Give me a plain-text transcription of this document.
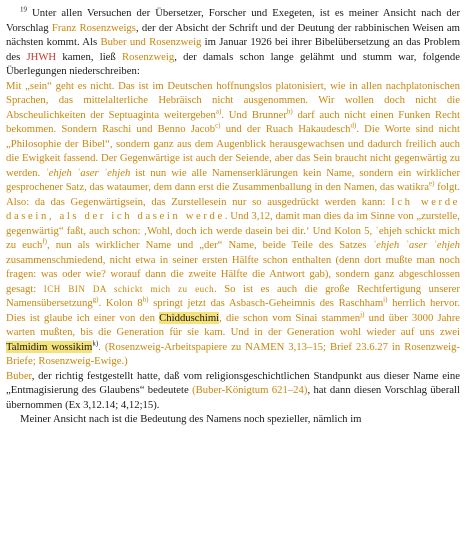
$^{19}$ Unter allen Versuchen der Übersetzer, Forscher und Exegeten, ist es meiner Ansicht nach der Vorschlag Franz Rosenzweigs, der der Absicht der Schrift und der Deutung der rabbinischen Weisen am nächsten kommt. Als Buber und Rosenzweig im Januar 1926 bei ihrer Bibelübersetzung an das Problem des JHWH kamen, ließ Rosenzweig, der damals schon lange gelähmt und stumm war, folgende Überlegungen niederschreiben:

Mit „sein“ geht es nicht. Das ist im Deutschen hoffnungslos platonisiert, wie in allen nachplatonischen Sprachen, das mittelalterliche Hebräisch nicht ausgenommen. Wir wollen doch nicht die Abscheulichkeiten der Septuaginta weitergeben$^{a)}$. Und Brunner$^{b)}$ darf auch nicht einen Funken Recht bekommen. Sondern Raschi und Benno Jacob$^{c)}$ und der Ruach Hakaudesch$^{d)}$. Die Worte sind nicht „Philosophie der Bibel“, sondern ganz aus dem Augenblick herausgewachsen und dadurch freilich auch die Ewigkeit fassend. Der Gegenwärtige ist auch der Seiende, aber das Sein braucht nicht gegenwärtig zu werden. ʾehjeh ʾaser ʾehjeh ist nun wie alle Namenserklärungen kein Name, sondern ein wirklicher gesprochener Satz, das wataumer, dem dann erst die Zusammenballung in den Namen, das watikra$^{e)}$ folgt. Also: da das Gegenwärtigsein, das Zurstellesein nur so ausgedrückt werden kann: Ich werde dasein, als der ich dasein werde. Und 3,12, damit man dies da im Sinne von „zurstelle, gegenwärtig“ faßt, auch schon: ‚Wohl, doch ich werde dasein bei dir.‘ Und Kolon 5, ʿehjeh schickt mich zu euch$^{f)}$, nun als wirklicher Name und „der“ Name, beide Teile des Satzes ʾehjeh ʾaser ʾehjeh zusammenschmiedend, nicht etwa in seiner ersten Hälfte schon enthalten (denn dort mußte man noch fragen: was oder wie? worauf dann die zweite Hälfte die Antwort gab), sondern ganz abgeschlossen gesagt: ICH BIN DA schickt mich zu euch. So ist es auch die große Rechtfertigung unserer Namensübersetzung$^{g)}$. Kolon 8$^{h)}$ springt jetzt das Asbasch-Geheimnis des Raschham$^{i)}$ herrlich hervor. Dies ist glaube ich einer von den Chidduschimi, die schon vom Sinai stammen$^{j)}$ und über 3000 Jahre warten mußten, bis die Generation für sie kam. Und in der Generation wohl wieder auf uns zwei Talmidim wossikim$^{k)}$. (Rosenzweig-Arbeitspapiere zu NAMEN 3,13–15; Brief 23.6.27 in Rosenzweig-Briefe; Rosenzweig-Ewige.)

Buber, der richtig festgestellt hatte, daß vom religionsgeschichtlichen Standpunkt aus dieser Name eine „Entmagisierung des Glaubens“ bedeutete (Buber-Königtum 621–24), hat dann diesen Vorschlag überall übernommen (Ex 3,12.14; 4,12;15).

Meiner Ansicht nach ist die Bedeutung des Namens noch spezieller, nämlich im
